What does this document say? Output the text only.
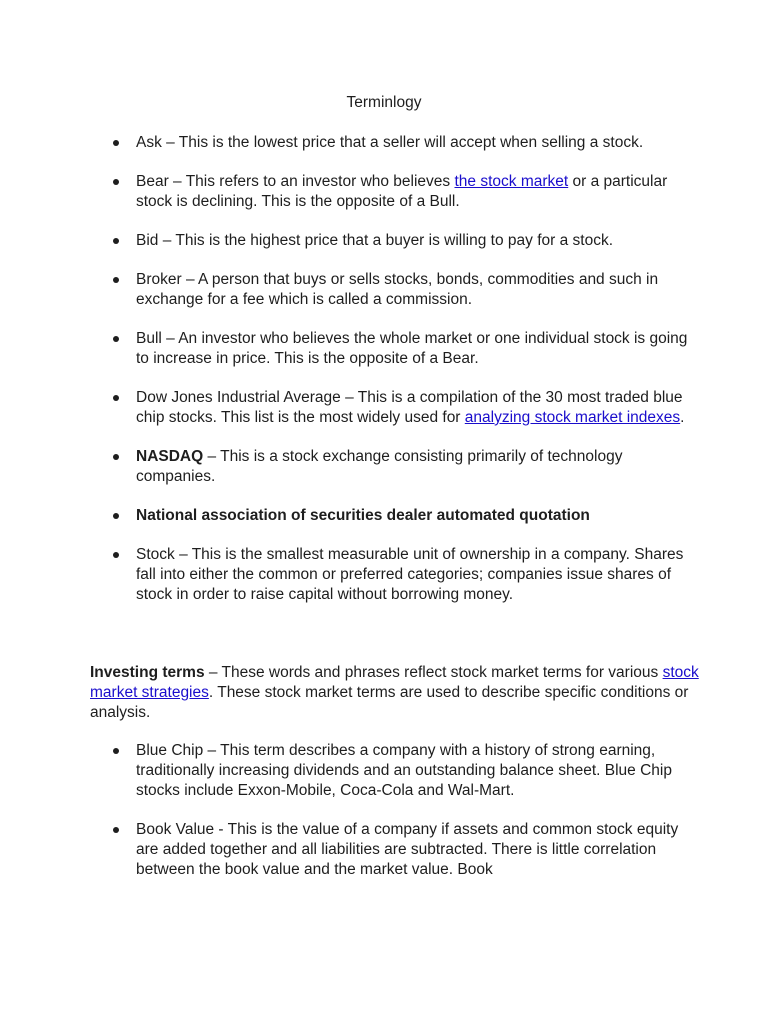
Terminlogy
Ask – This is the lowest price that a seller will accept when selling a stock.
Bear – This refers to an investor who believes the stock market or a particular stock is declining. This is the opposite of a Bull.
Bid – This is the highest price that a buyer is willing to pay for a stock.
Broker – A person that buys or sells stocks, bonds, commodities and such in exchange for a fee which is called a commission.
Bull – An investor who believes the whole market or one individual stock is going to increase in price. This is the opposite of a Bear.
Dow Jones Industrial Average – This is a compilation of the 30 most traded blue chip stocks. This list is the most widely used for analyzing stock market indexes.
NASDAQ – This is a stock exchange consisting primarily of technology companies.
National association of securities dealer automated quotation
Stock – This is the smallest measurable unit of ownership in a company. Shares fall into either the common or preferred categories; companies issue shares of stock in order to raise capital without borrowing money.

Investing terms – These words and phrases reflect stock market terms for various stock market strategies. These stock market terms are used to describe specific conditions or analysis.

Blue Chip – This term describes a company with a history of strong earning, traditionally increasing dividends and an outstanding balance sheet. Blue Chip stocks include Exxon-Mobile, Coca-Cola and Wal-Mart.
Book Value - This is the value of a company if assets and common stock equity are added together and all liabilities are subtracted. There is little correlation between the book value and the market value. Book
